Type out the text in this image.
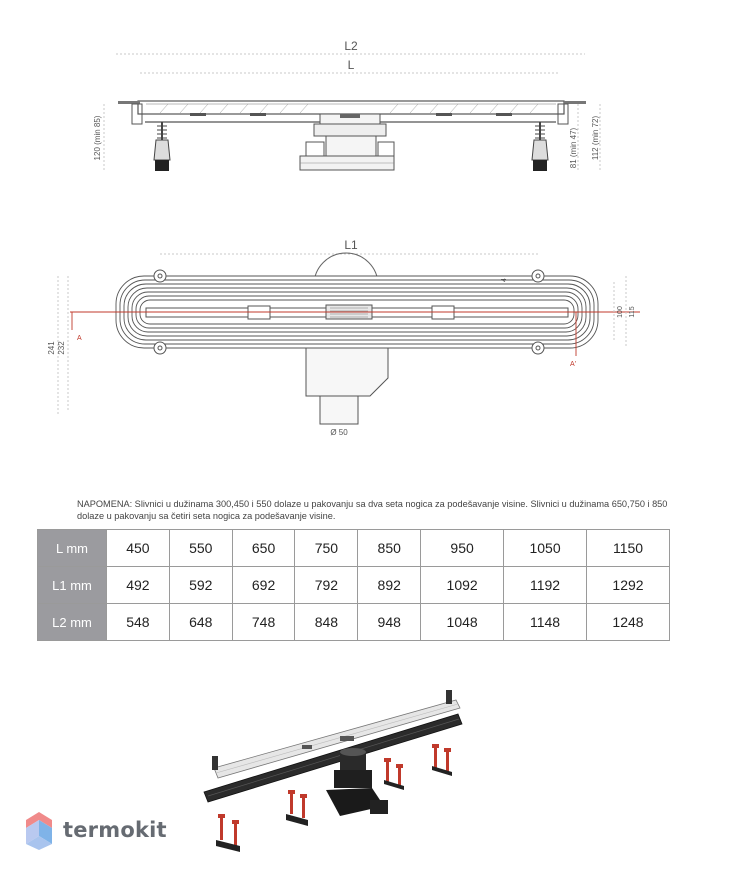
L2
L
120 (min 85)	81 (min 47) 112 (min 72)
L1
A
A'
241 232
100 115
4
Ø 50
NAPOMENA: Slivnici u dužinama 300,450 i 550 dolaze u pakovanju sa dva seta nogica za podešavanje visine. Slivnici u dužinama 650,750 i 850 dolaze u pakovanju sa četiri seta nogica za podešavanje visine.
L mm	450	550	650	750	850	950	1050	1150
L1 mm	492	592	692	792	892	1092	1192	1292
L2 mm	548	648	748	848	948	1048	1148	1248
termokit
